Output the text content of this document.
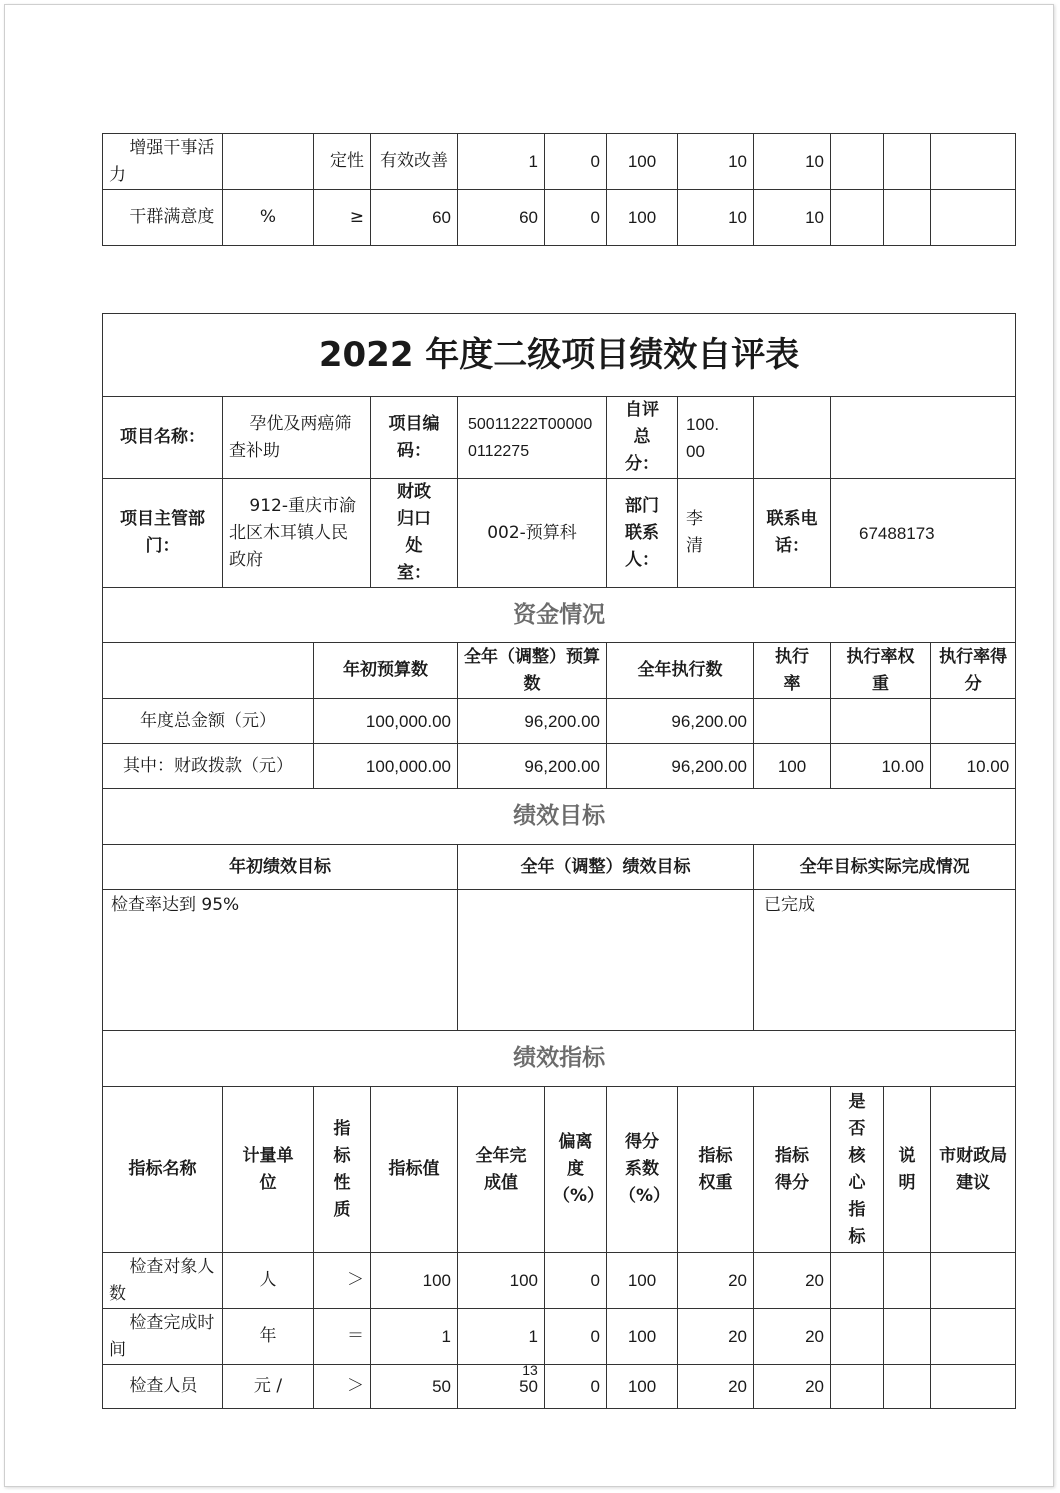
增强干事活力		定性	有效改善	1	0	100	10	10			
干群满意度	%	≥	60	60	0	100	10	10			
2022 年度二级项目绩效自评表											
项目名称：	孕优及两癌筛查补助		项目编码：	50011222T000000112275		自评总分：	100.00				
项目主管部门：	912-重庆市渝北区木耳镇人民政府		财政归口处室：	002-预算科		部门联系人：	李清	联系电话：	67488173		
资金情况											
		年初预算数		全年（调整）预算数		全年执行数		执行率	执行率权重		执行率得分
年度总金额（元）		100,000.00		96,200.00		96,200.00					
其中：财政拨款（元）		100,000.00		96,200.00		96,200.00		100	10.00		10.00
绩效目标											
年初绩效目标				全年（调整）绩效目标				全年目标实际完成情况			
检查率达到 95%								已完成			
绩效指标											
指标名称	计量单位	指标性质	指标值	全年完成值	偏离度（%）	得分系数（%）	指标权重	指标得分	是否核心指标	说明	市财政局建议
检查对象人数	人	＞	100	100	0	100	20	20			
检查完成时间	年	＝	1	1	0	100	20	20			
检查人员	元 /	＞	50	50	0	100	20	20			
13
